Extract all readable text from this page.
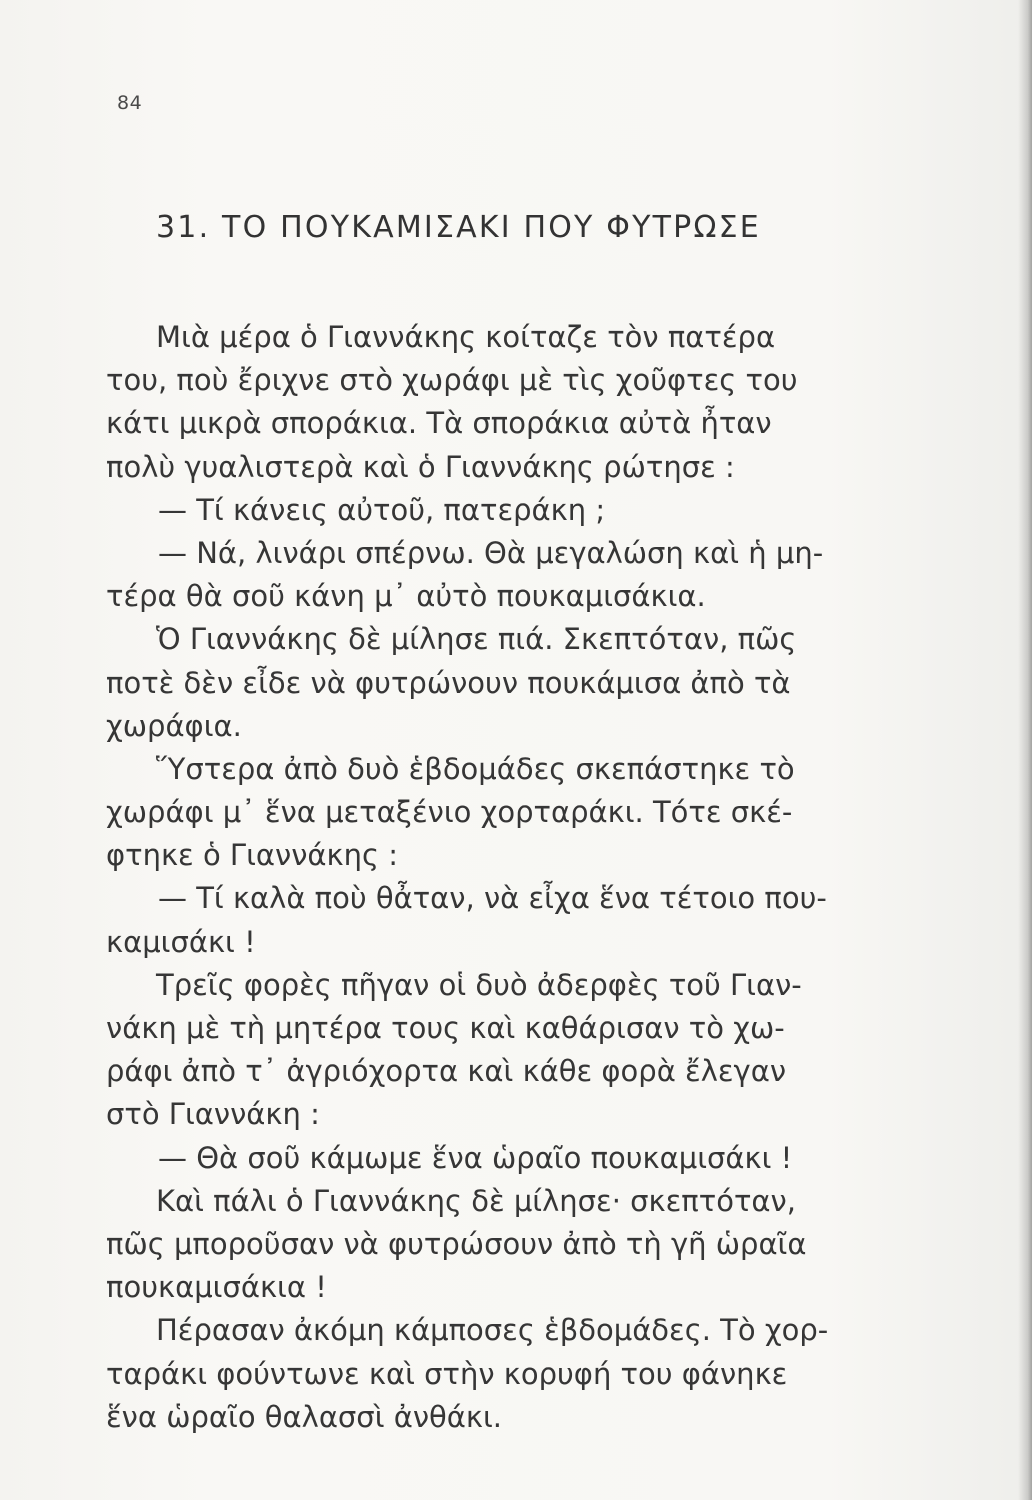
84
31. ΤΟ ΠΟΥΚΑΜΙΣΑΚΙ ΠΟΥ ΦΥΤΡΩΣΕ
Μιὰ μέρα ὁ Γιαννάκης κοίταζε τὸν πατέρα
του, ποὺ ἔριχνε στὸ χωράφι μὲ τὶς χοῦφτες του
κάτι μικρὰ σποράκια. Τὰ σποράκια αὐτὰ ἦταν
πολὺ γυαλιστερὰ καὶ ὁ Γιαννάκης ρώτησε :
— Τί κάνεις αὐτοῦ, πατεράκη ;
— Νά, λινάρι σπέρνω. Θὰ μεγαλώση καὶ ἡ μη-
τέρα θὰ σοῦ κάνη μ᾿ αὐτὸ πουκαμισάκια.
Ὁ Γιαννάκης δὲ μίλησε πιά. Σκεπτόταν, πῶς
ποτὲ δὲν εἶδε νὰ φυτρώνουν πουκάμισα ἀπὸ τὰ
χωράφια.
Ὕστερα ἀπὸ δυὸ ἑβδομάδες σκεπάστηκε τὸ
χωράφι μ᾿ ἕνα μεταξένιο χορταράκι. Τότε σκέ-
φτηκε ὁ Γιαννάκης :
— Τί καλὰ ποὺ θἆταν, νὰ εἶχα ἕνα τέτοιο που-
καμισάκι !
Τρεῖς φορὲς πῆγαν οἱ δυὸ ἀδερφὲς τοῦ Γιαν-
νάκη μὲ τὴ μητέρα τους καὶ καθάρισαν τὸ χω-
ράφι ἀπὸ τ᾿ ἀγριόχορτα καὶ κάθε φορὰ ἔλεγαν
στὸ Γιαννάκη :
— Θὰ σοῦ κάμωμε ἕνα ὡραῖο πουκαμισάκι !
Καὶ πάλι ὁ Γιαννάκης δὲ μίλησε· σκεπτόταν,
πῶς μποροῦσαν νὰ φυτρώσουν ἀπὸ τὴ γῆ ὡραῖα
πουκαμισάκια !
Πέρασαν ἀκόμη κάμποσες ἑβδομάδες. Τὸ χορ-
ταράκι φούντωνε καὶ στὴν κορυφή του φάνηκε
ἕνα ὡραῖο θαλασσὶ ἀνθάκι.
